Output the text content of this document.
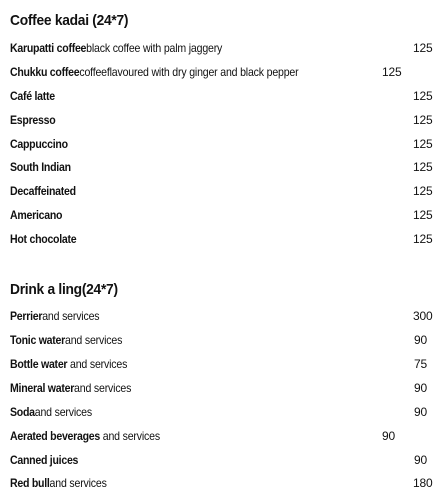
Coffee kadai (24*7)
Karupatti coffeeblack coffee with palm jaggery	125
Chukku coffeecoffeeflavoured with dry ginger and black pepper	125
Café latte	125
Espresso	125
Cappuccino	125
South Indian	125
Decaffeinated	125
Americano	125
Hot chocolate	125
Drink a ling(24*7)
Perrierand services	300
Tonic waterand services	90
Bottle water and services	75
Mineral waterand services	90
Sodaand services	90
Aerated beverages and services	90
Canned juices	90
Red bulland services	180
